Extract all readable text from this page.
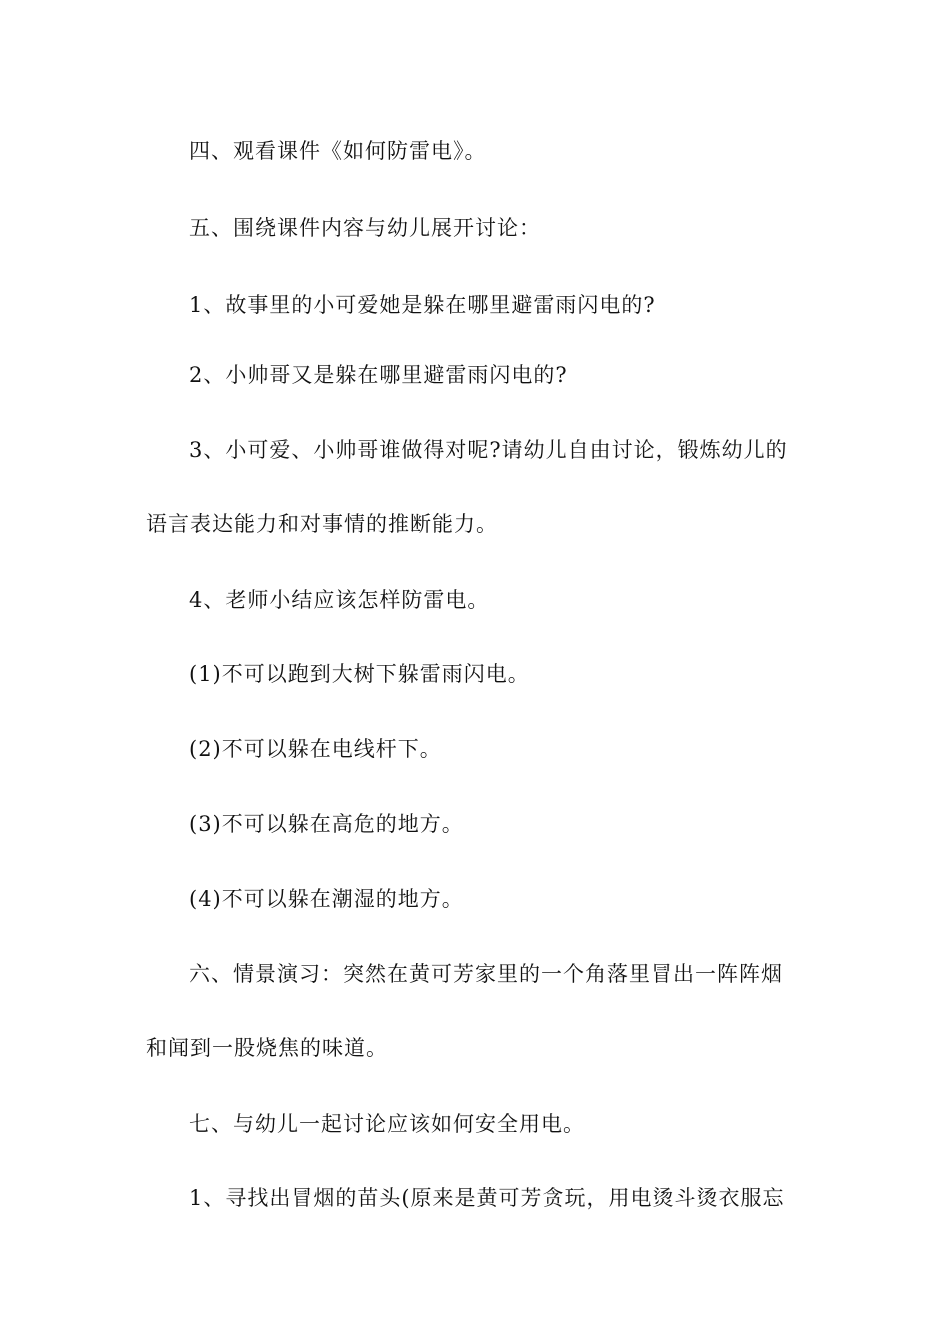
四、观看课件《如何防雷电》。
五、围绕课件内容与幼儿展开讨论：
1、故事里的小可爱她是躲在哪里避雷雨闪电的?
2、小帅哥又是躲在哪里避雷雨闪电的?
3、小可爱、小帅哥谁做得对呢?请幼儿自由讨论，锻炼幼儿的
语言表达能力和对事情的推断能力。
4、老师小结应该怎样防雷电。
(1)不可以跑到大树下躲雷雨闪电。
(2)不可以躲在电线杆下。
(3)不可以躲在高危的地方。
(4)不可以躲在潮湿的地方。
六、情景演习：突然在黄可芳家里的一个角落里冒出一阵阵烟
和闻到一股烧焦的味道。
七、与幼儿一起讨论应该如何安全用电。
1、寻找出冒烟的苗头(原来是黄可芳贪玩，用电烫斗烫衣服忘
